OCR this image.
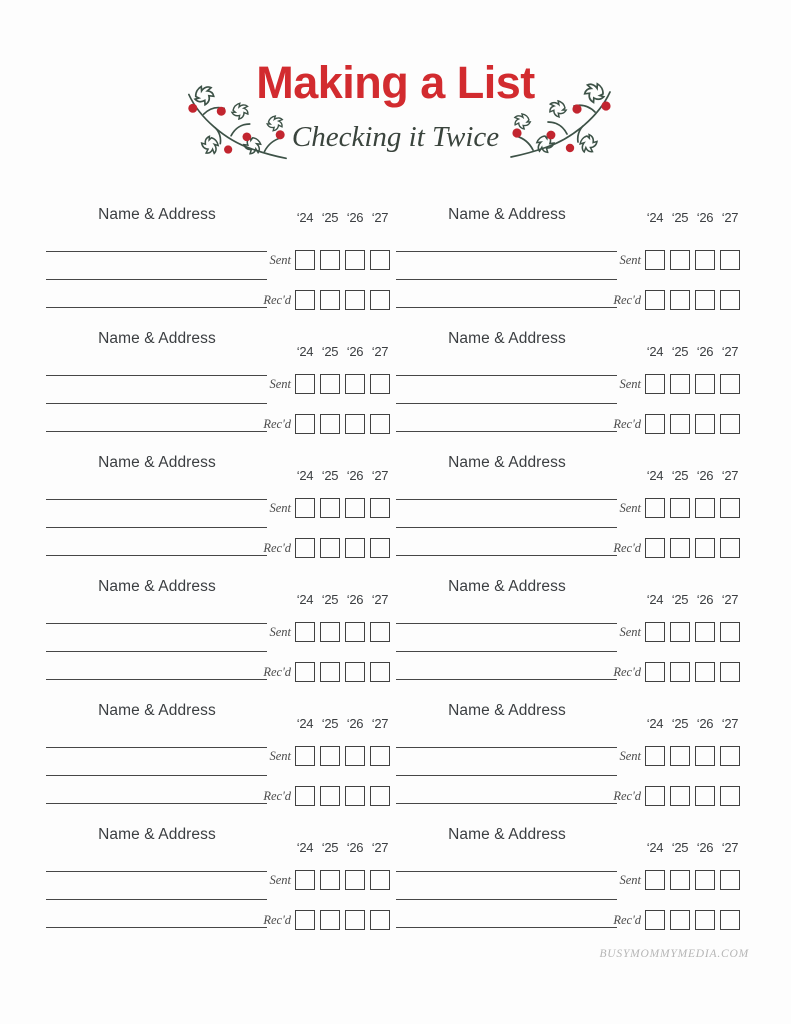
Making a List
Checking it Twice
Name & Address	‘24 ‘25 ‘26 ‘27
Sent
Rec'd
Name & Address	‘24 ‘25 ‘26 ‘27
Sent
Rec'd
Name & Address
‘24 ‘25 ‘26 ‘27
Sent
Rec'd
Name & Address
‘24 ‘25 ‘26 ‘27
Sent
Rec'd
Name & Address
‘24 ‘25 ‘26 ‘27
Sent
Rec'd
Name & Address
‘24 ‘25 ‘26 ‘27
Sent
Rec'd
Name & Address
‘24 ‘25 ‘26 ‘27
Sent
Rec'd
Name & Address
‘24 ‘25 ‘26 ‘27
Sent
Rec'd
Name & Address
‘24 ‘25 ‘26 ‘27
Sent
Rec'd
Name & Address
‘24 ‘25 ‘26 ‘27
Sent
Rec'd
Name & Address
‘24 ‘25 ‘26 ‘27
Sent
Rec'd
Name & Address
‘24 ‘25 ‘26 ‘27
Sent
Rec'd
BUSYMOMMYMEDIA.COM
